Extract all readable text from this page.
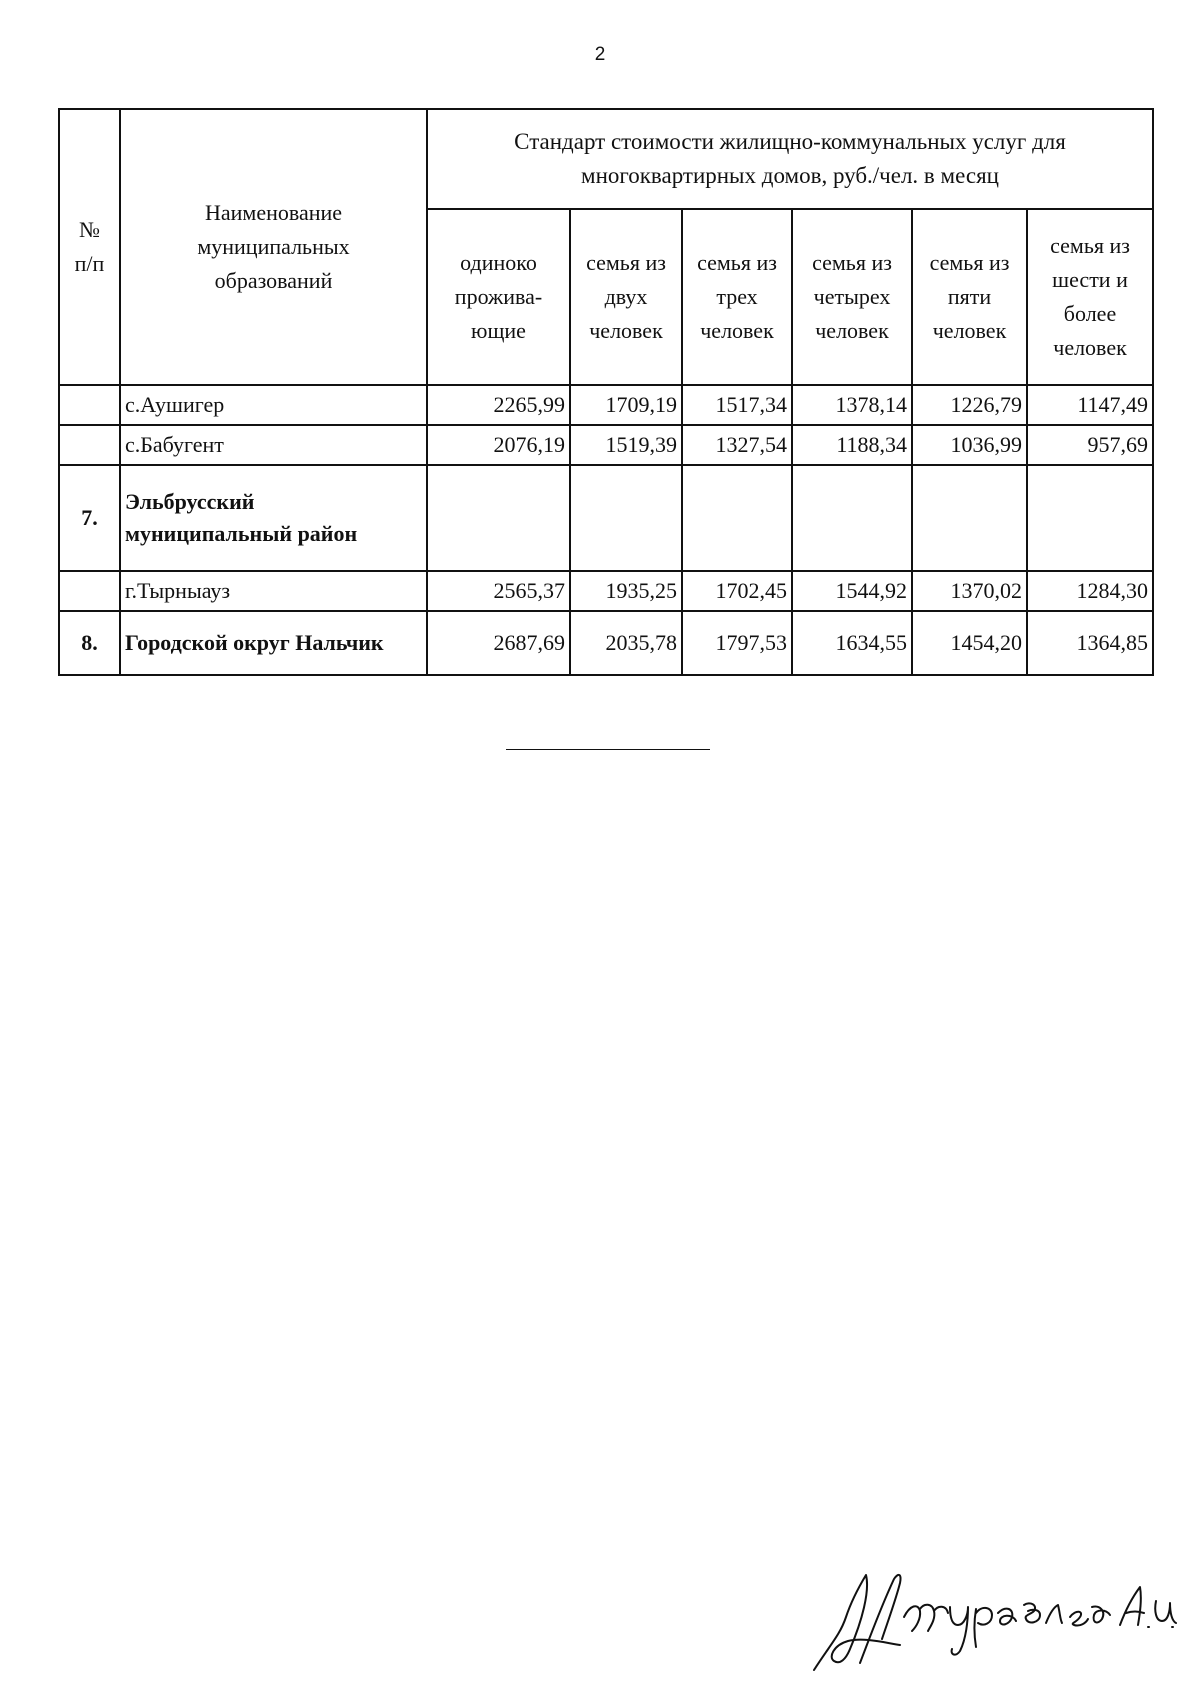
2
№ п/п	Наименование муниципальных образований	Стандарт стоимости жилищно-коммунальных услуг для многоквартирных домов, руб./чел. в месяц					
		одиноко
прожива-
ющие	семья из двух человек	семья из трех человек	семья из четырех человек	семья из пяти человек	семья из шести и более человек
	с.Аушигер	2265,99	1709,19	1517,34	1378,14	1226,79	1147,49
	с.Бабугент	2076,19	1519,39	1327,54	1188,34	1036,99	957,69
7.	Эльбрусский муниципальный район						
	г.Тырныауз	2565,37	1935,25	1702,45	1544,92	1370,02	1284,30
8.	Городской округ Нальчик	2687,69	2035,78	1797,53	1634,55	1454,20	1364,85
